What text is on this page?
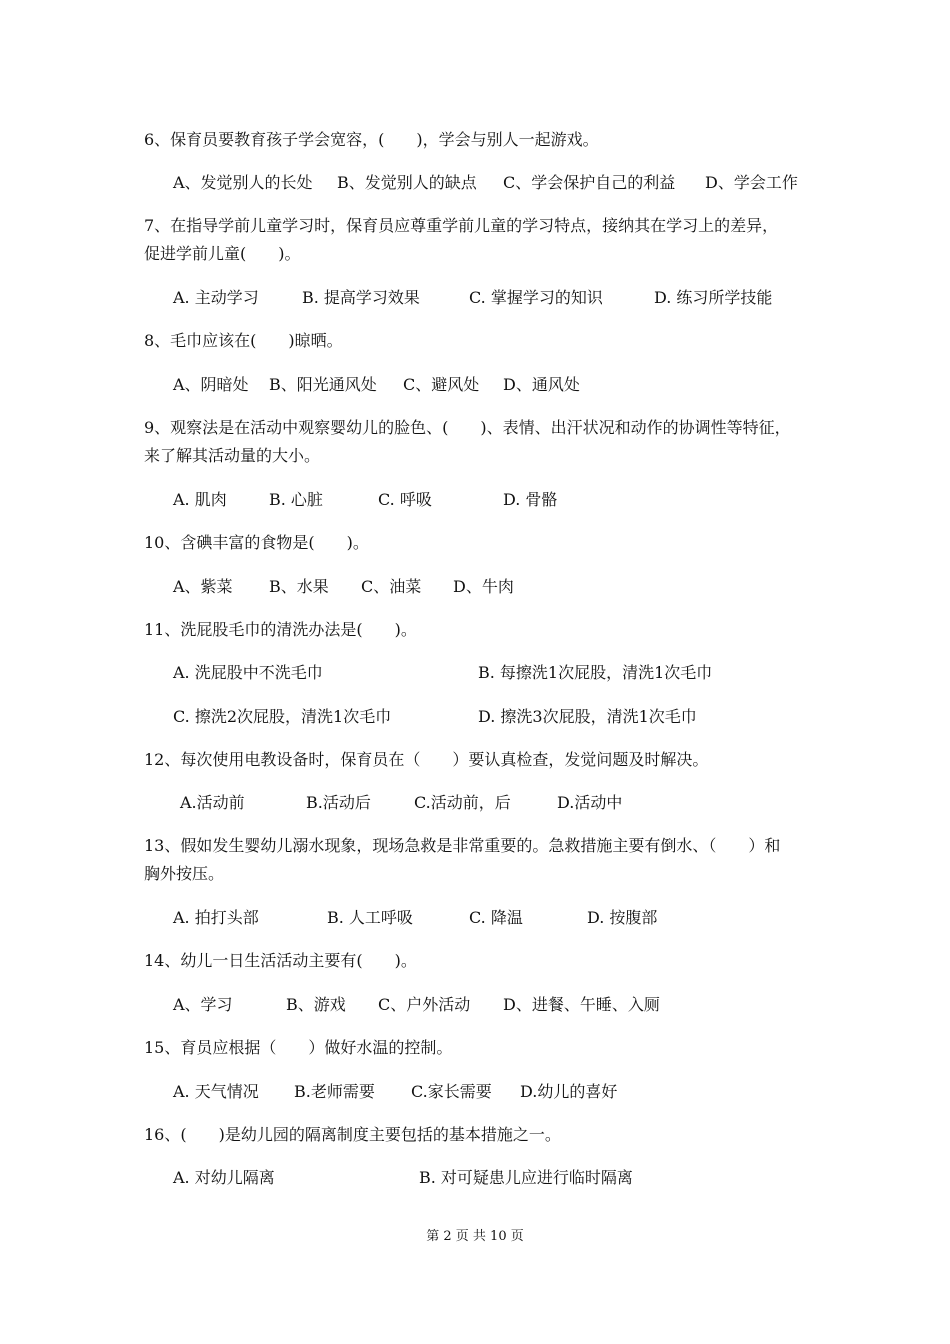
6、保育员要教育孩子学会宽容，(　　)，学会与别人一起游戏。
A、发觉别人的长处 B、发觉别人的缺点 C、学会保护自己的利益 D、学会工作
7、在指导学前儿童学习时，保育员应尊重学前儿童的学习特点，接纳其在学习上的差异，
促进学前儿童(　　)。
A. 主动学习	B. 提高学习效果	C. 掌握学习的知识	D. 练习所学技能
8、毛巾应该在(　　)晾晒。
A、阴暗处 B、阳光通风处 C、避风处 D、通风处
9、观察法是在活动中观察婴幼儿的脸色、(　　)、表情、出汗状况和动作的协调性等特征，
来了解其活动量的大小。
A. 肌肉	B. 心脏	C. 呼吸	D. 骨骼
10、含碘丰富的食物是(　　)。
A、紫菜 B、水果 C、油菜 D、牛肉
11、洗屁股毛巾的清洗办法是(　　)。
A. 洗屁股中不洗毛巾	B. 每擦洗1次屁股，清洗1次毛巾
C. 擦洗2次屁股，清洗1次毛巾	D. 擦洗3次屁股，清洗1次毛巾
12、每次使用电教设备时，保育员在（　　）要认真检查，发觉问题及时解决。
A.活动前	B.活动后	C.活动前，后	D.活动中
13、假如发生婴幼儿溺水现象，现场急救是非常重要的。急救措施主要有倒水、（　　）和
胸外按压。
A. 拍打头部	B. 人工呼吸	C. 降温	D. 按腹部
14、幼儿一日生活活动主要有(　　)。
A、学习	B、游戏 C、户外活动 D、进餐、午睡、入厕
15、育员应根据（　　）做好水温的控制。
A. 天气情况 B.老师需要 C.家长需要 D.幼儿的喜好
16、(　　)是幼儿园的隔离制度主要包括的基本措施之一。
A. 对幼儿隔离	B. 对可疑患儿应进行临时隔离
第 2 页 共 10 页
